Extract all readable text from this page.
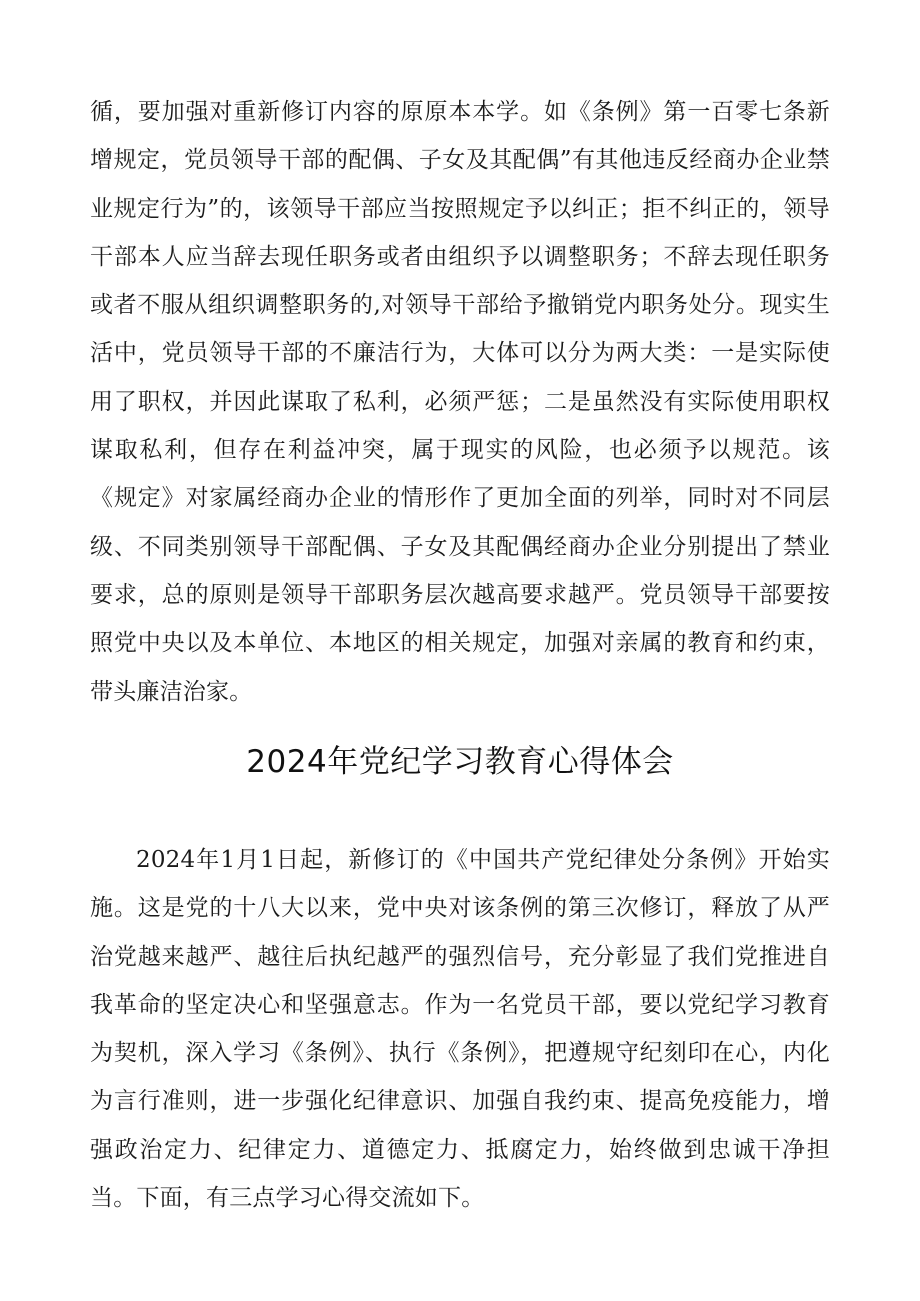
循，要加强对重新修订内容的原原本本学。如《条例》第一百零七条新增规定，党员领导干部的配偶、子女及其配偶”有其他违反经商办企业禁业规定行为”的，该领导干部应当按照规定予以纠正；拒不纠正的，领导干部本人应当辞去现任职务或者由组织予以调整职务；不辞去现任职务或者不服从组织调整职务的,对领导干部给予撤销党内职务处分。现实生活中，党员领导干部的不廉洁行为，大体可以分为两大类：一是实际使用了职权，并因此谋取了私利，必须严惩；二是虽然没有实际使用职权谋取私利，但存在利益冲突，属于现实的风险，也必须予以规范。该《规定》对家属经商办企业的情形作了更加全面的列举，同时对不同层级、不同类别领导干部配偶、子女及其配偶经商办企业分别提出了禁业要求，总的原则是领导干部职务层次越高要求越严。党员领导干部要按照党中央以及本单位、本地区的相关规定，加强对亲属的教育和约束，带头廉洁治家。

2024年党纪学习教育心得体会

2024年1月1日起，新修订的《中国共产党纪律处分条例》开始实施。这是党的十八大以来，党中央对该条例的第三次修订，释放了从严治党越来越严、越往后执纪越严的强烈信号，充分彰显了我们党推进自我革命的坚定决心和坚强意志。作为一名党员干部，要以党纪学习教育为契机，深入学习《条例》、执行《条例》，把遵规守纪刻印在心，内化为言行准则，进一步强化纪律意识、加强自我约束、提高免疫能力，增强政治定力、纪律定力、道德定力、抵腐定力，始终做到忠诚干净担当。下面，有三点学习心得交流如下。
